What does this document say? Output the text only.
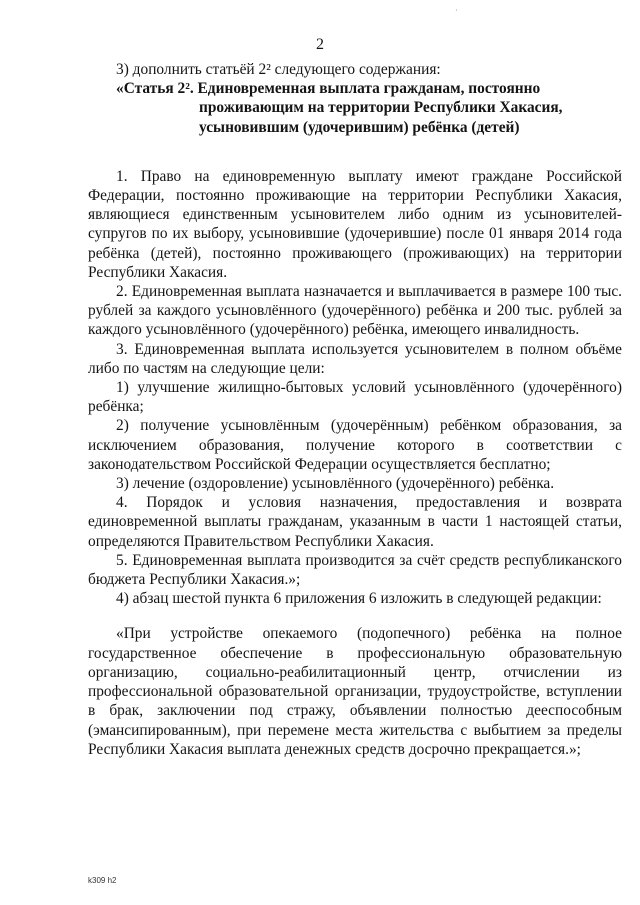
·
2

3) дополнить статьёй 2² следующего содержания:

«Статья 2². Единовременная выплата гражданам, постоянно
проживающим на территории Республики Хакасия,
усыновившим (удочерившим) ребёнка (детей)

1. Право на единовременную выплату имеют граждане Российской Федерации, постоянно проживающие на территории Республики Хакасия, являющиеся единственным усыновителем либо одним из усыновителей-супругов по их выбору, усыновившие (удочерившие) после 01 января 2014 года ребёнка (детей), постоянно проживающего (проживающих) на территории Республики Хакасия.

2. Единовременная выплата назначается и выплачивается в размере 100 тыс. рублей за каждого усыновлённого (удочерённого) ребёнка и 200 тыс. рублей за каждого усыновлённого (удочерённого) ребёнка, имеющего инвалидность.

3. Единовременная выплата используется усыновителем в полном объёме либо по частям на следующие цели:

1) улучшение жилищно-бытовых условий усыновлённого (удочерённого) ребёнка;

2) получение усыновлённым (удочерённым) ребёнком образования, за исключением образования, получение которого в соответствии с законодательством Российской Федерации осуществляется бесплатно;

3) лечение (оздоровление) усыновлённого (удочерённого) ребёнка.

4. Порядок и условия назначения, предоставления и возврата единовременной выплаты гражданам, указанным в части 1 настоящей статьи, определяются Правительством Республики Хакасия.

5. Единовременная выплата производится за счёт средств республиканского бюджета Республики Хакасия.»;

4) абзац шестой пункта 6 приложения 6 изложить в следующей редакции:

«При устройстве опекаемого (подопечного) ребёнка на полное государственное обеспечение в профессиональную образовательную организацию, социально-реабилитационный центр, отчислении из профессиональной образовательной организации, трудоустройстве, вступлении в брак, заключении под стражу, объявлении полностью дееспособным (эмансипированным), при перемене места жительства с выбытием за пределы Республики Хакасия выплата денежных средств досрочно прекращается.»;

k309 h2
